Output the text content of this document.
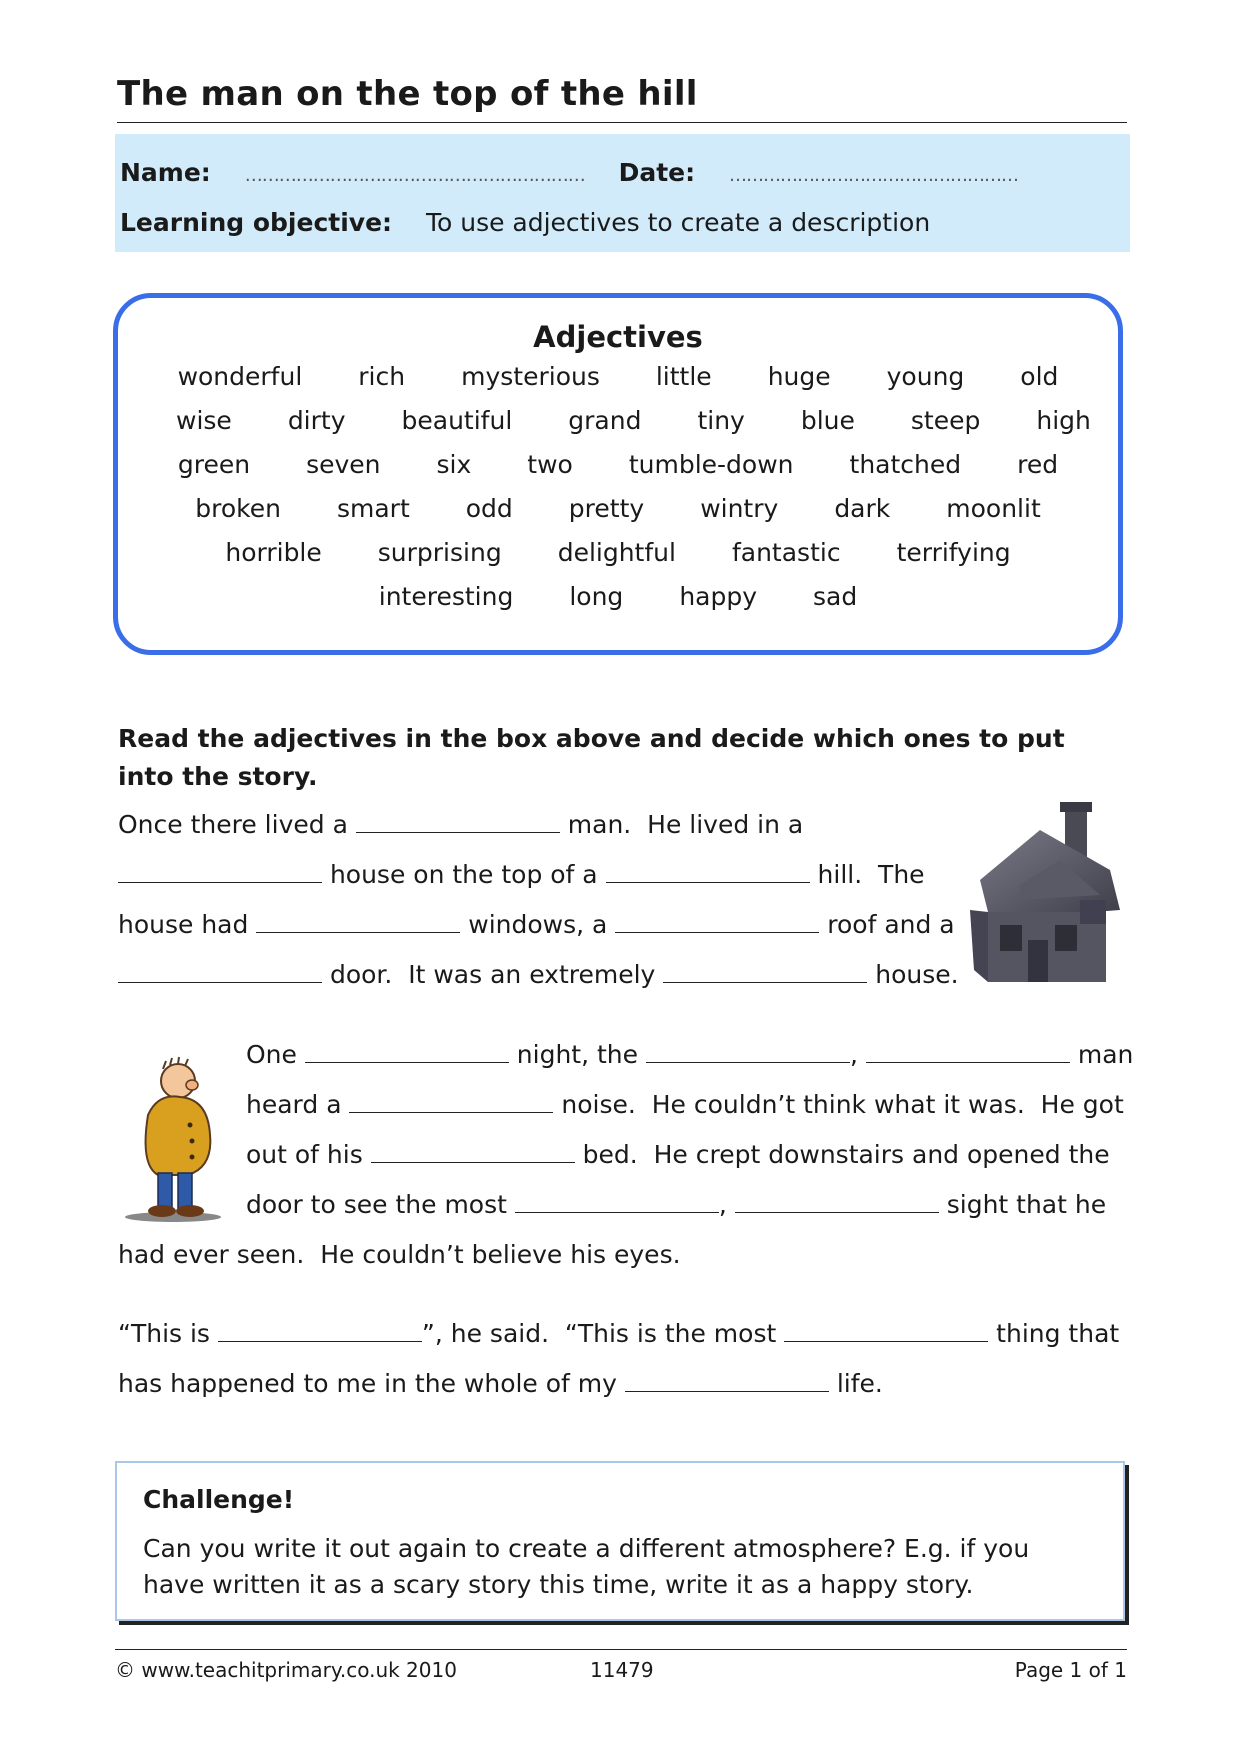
The man on the top of the hill
Name: …………………………………………………… Date: ……………………………………………
Learning objective: To use adjectives to create a description
Adjectives
wonderful rich mysterious little huge young old
wise dirty beautiful grand tiny blue steep high
green seven six two tumble-down thatched red
broken smart odd pretty wintry dark moonlit
horrible surprising delightful fantastic terrifying
interesting long happy sad
Read the adjectives in the box above and decide which ones to put into the story.
Once there lived a	man.  He lived in a
house on the top of a	hill.  The
house had	windows, a	roof and a
door.  It was an extremely	house.
One	night, the	,	man
heard a	noise.  He couldn’t think what it was.  He got
out of his	bed.  He crept downstairs and opened the
door to see the most	,	sight that he
had ever seen.  He couldn’t believe his eyes.
“This is	”, he said.  “This is the most	thing that
has happened to me in the whole of my	life.
Challenge!

Can you write it out again to create a different atmosphere? E.g. if you have written it as a scary story this time, write it as a happy story.

© www.teachitprimary.co.uk 2010	11479	Page 1 of 1
